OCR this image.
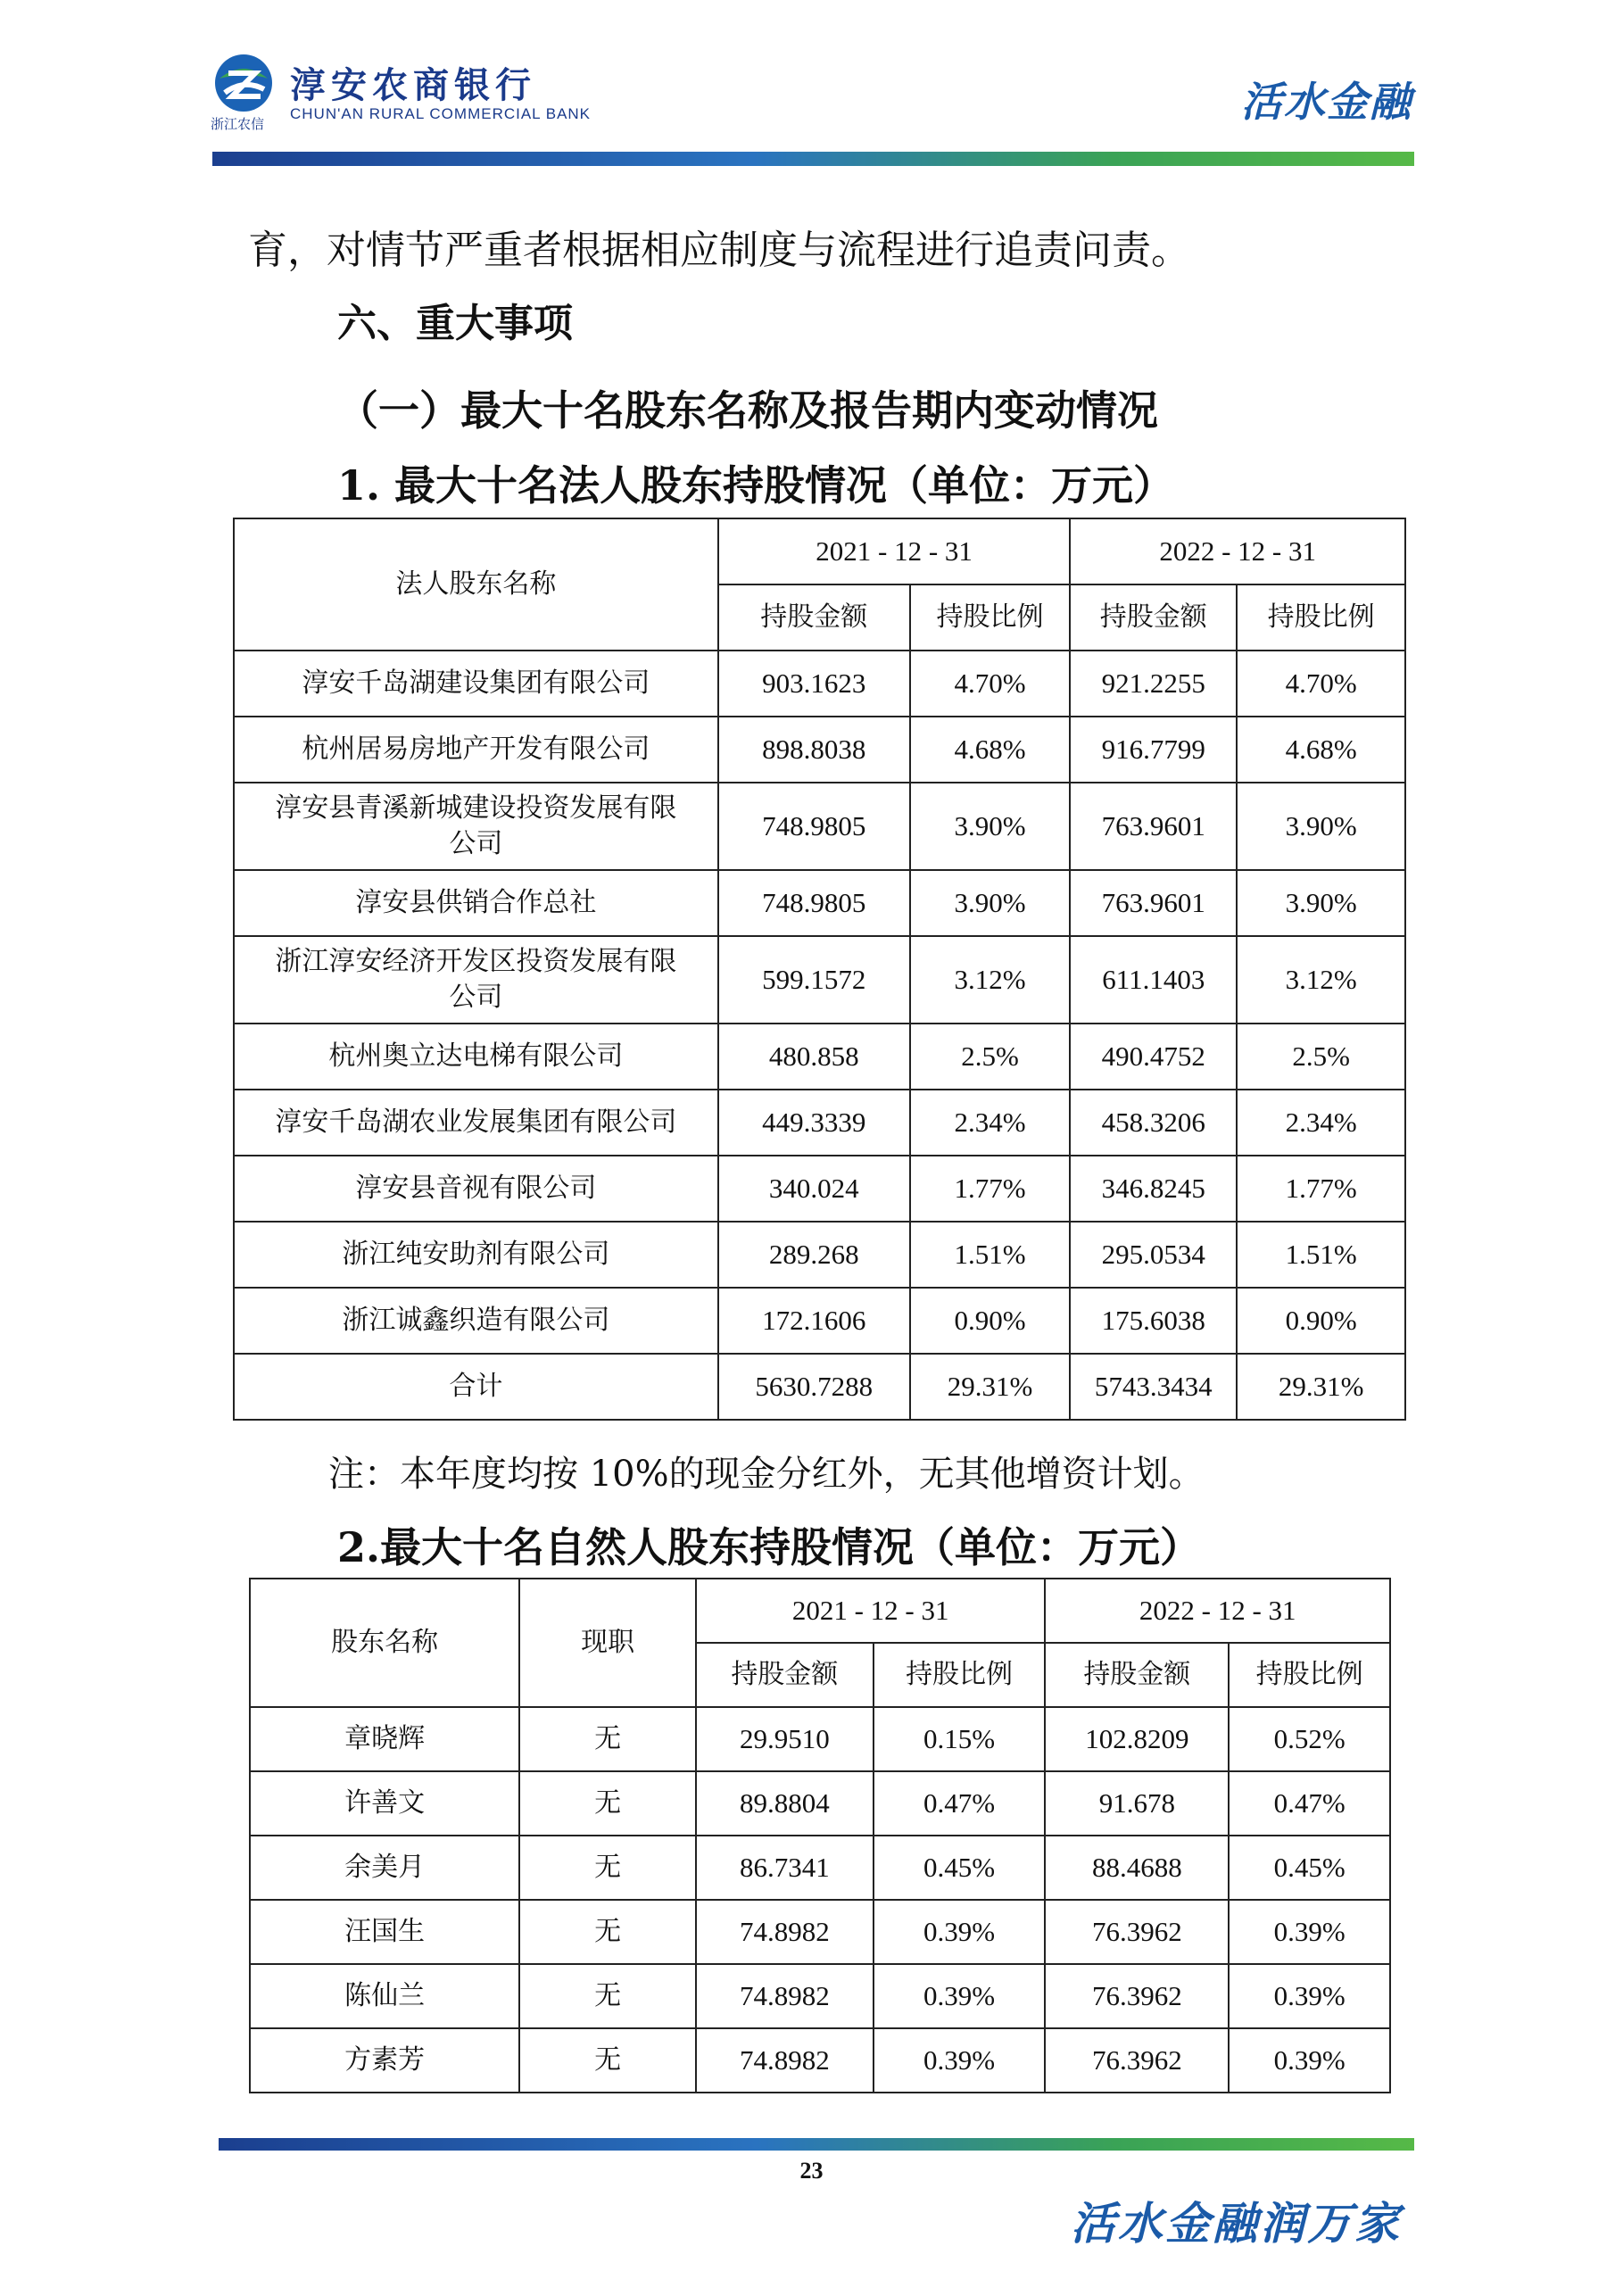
浙江农信
淳安农商银行
CHUN'AN RURAL COMMERCIAL BANK	活水金融
育，对情节严重者根据相应制度与流程进行追责问责。
六、重大事项
（一）最大十名股东名称及报告期内变动情况
1. 最大十名法人股东持股情况（单位：万元）
法人股东名称	2021 - 12 - 31		2022 - 12 - 31	
	持股金额	持股比例	持股金额	持股比例
淳安千岛湖建设集团有限公司	903.1623	4.70%	921.2255	4.70%
杭州居易房地产开发有限公司	898.8038	4.68%	916.7799	4.68%
淳安县青溪新城建设投资发展有限公司	748.9805	3.90%	763.9601	3.90%
淳安县供销合作总社	748.9805	3.90%	763.9601	3.90%
浙江淳安经济开发区投资发展有限公司	599.1572	3.12%	611.1403	3.12%
杭州奥立达电梯有限公司	480.858	2.5%	490.4752	2.5%
淳安千岛湖农业发展集团有限公司	449.3339	2.34%	458.3206	2.34%
淳安县音视有限公司	340.024	1.77%	346.8245	1.77%
浙江纯安助剂有限公司	289.268	1.51%	295.0534	1.51%
浙江诚鑫织造有限公司	172.1606	0.90%	175.6038	0.90%
合计	5630.7288	29.31%	5743.3434	29.31%
注：本年度均按 10%的现金分红外，无其他增资计划。
2.最大十名自然人股东持股情况（单位：万元）
股东名称	现职	2021 - 12 - 31		2022 - 12 - 31	
		持股金额	持股比例	持股金额	持股比例
章晓辉	无	29.9510	0.15%	102.8209	0.52%
许善文	无	89.8804	0.47%	91.678	0.47%
余美月	无	86.7341	0.45%	88.4688	0.45%
汪国生	无	74.8982	0.39%	76.3962	0.39%
陈仙兰	无	74.8982	0.39%	76.3962	0.39%
方素芳	无	74.8982	0.39%	76.3962	0.39%
23
活水金融润万家
